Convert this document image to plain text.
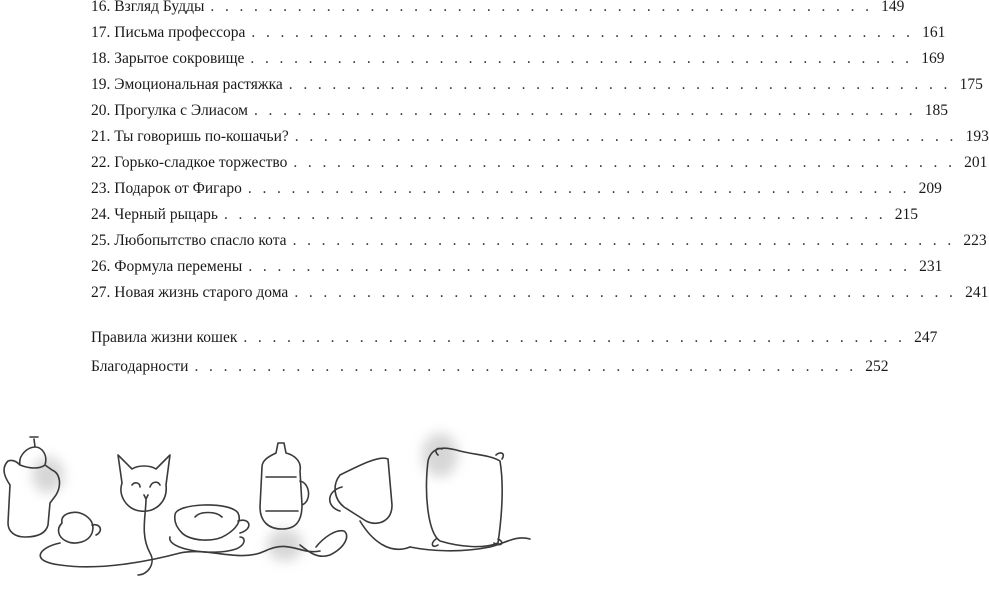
16. Взгляд Будды . . . . . . . . . . . . . . . . . . . . . . . . . . . . . . . . . . . . . . . . . . . . . . 149
17. Письма профессора . . . . . . . . . . . . . . . . . . . . . . . . . . . . . . . . . . . . . . . . . . . . . . 161
18. Зарытое сокровище . . . . . . . . . . . . . . . . . . . . . . . . . . . . . . . . . . . . . . . . . . . . . . 169
19. Эмоциональная растяжка . . . . . . . . . . . . . . . . . . . . . . . . . . . . . . . . . . . . . . . . . . . . . . 175
20. Прогулка с Элиасом . . . . . . . . . . . . . . . . . . . . . . . . . . . . . . . . . . . . . . . . . . . . . . 185
21. Ты говоришь по-кошачьи? . . . . . . . . . . . . . . . . . . . . . . . . . . . . . . . . . . . . . . . . . . . . . . 193
22. Горько-сладкое торжество . . . . . . . . . . . . . . . . . . . . . . . . . . . . . . . . . . . . . . . . . . . . . . 201
23. Подарок от Фигаро . . . . . . . . . . . . . . . . . . . . . . . . . . . . . . . . . . . . . . . . . . . . . . 209
24. Черный рыцарь . . . . . . . . . . . . . . . . . . . . . . . . . . . . . . . . . . . . . . . . . . . . . . 215
25. Любопытство спасло кота . . . . . . . . . . . . . . . . . . . . . . . . . . . . . . . . . . . . . . . . . . . . . . 223
26. Формула перемены . . . . . . . . . . . . . . . . . . . . . . . . . . . . . . . . . . . . . . . . . . . . . . 231
27. Новая жизнь старого дома . . . . . . . . . . . . . . . . . . . . . . . . . . . . . . . . . . . . . . . . . . . . . . 241
Правила жизни кошек . . . . . . . . . . . . . . . . . . . . . . . . . . . . . . . . . . . . . . . . . . . . . . 247
Благодарности . . . . . . . . . . . . . . . . . . . . . . . . . . . . . . . . . . . . . . . . . . . . . . 252
